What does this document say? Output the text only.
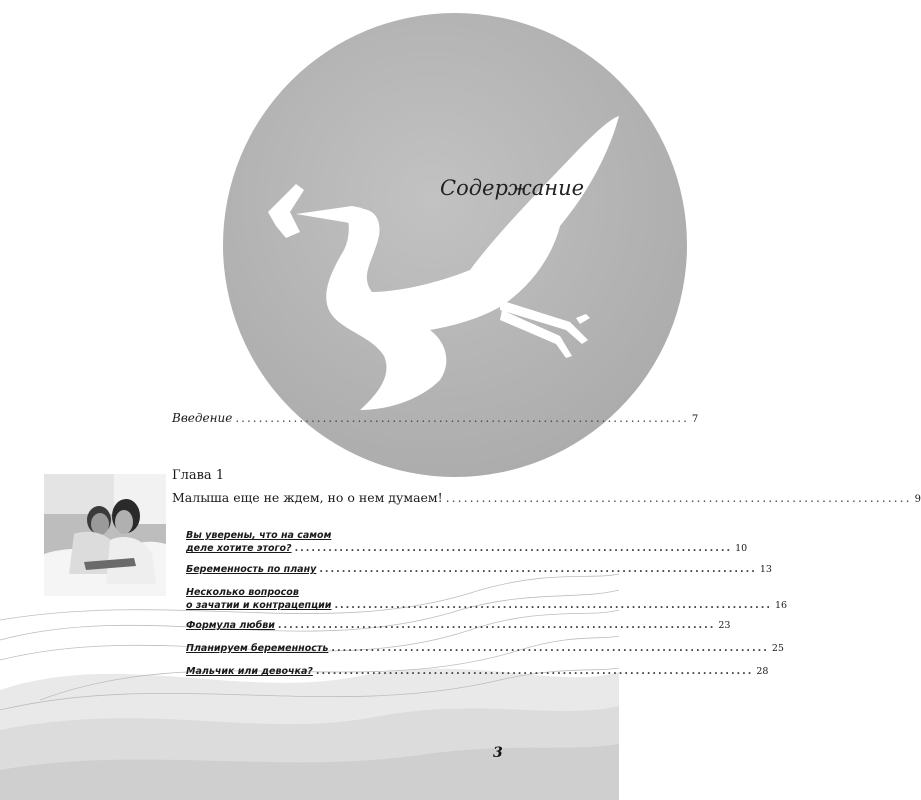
Содержание
Введение .............................................................................. 7
Глава 1
Малыша еще не ждем, но о нем думаем! .............................................................................. 9
Вы уверены, что на самом
деле хотите этого? .............................................................................. 10
Беременность по плану .............................................................................. 13
Несколько вопросов
о зачатии и контрацепции .............................................................................. 16
Формула любви .............................................................................. 23
Планируем беременность .............................................................................. 25
Мальчик или девочка? .............................................................................. 28
3
